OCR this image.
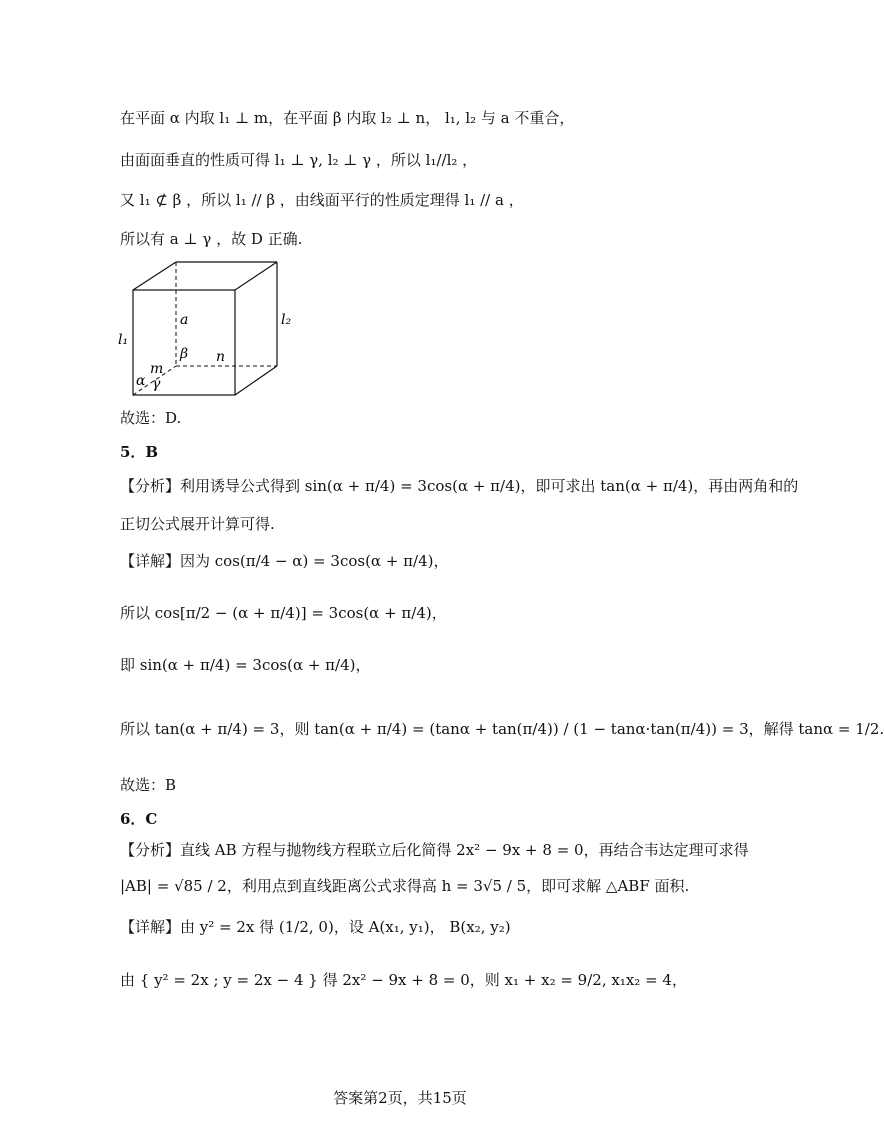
在平面 α 内取 l₁ ⊥ m，在平面 β 内取 l₂ ⊥ n， l₁, l₂ 与 a 不重合，
由面面垂直的性质可得 l₁ ⊥ γ, l₂ ⊥ γ ，所以 l₁//l₂ ，
又 l₁ ⊄ β ，所以 l₁ // β ，由线面平行的性质定理得 l₁ // a ，
所以有 a ⊥ γ ，故 D 正确.
a
l₁
l₂
β n
m
α γ
故选：D.
5．B
【分析】利用诱导公式得到 sin(α + π/4) = 3cos(α + π/4)，即可求出 tan(α + π/4)，再由两角和的
正切公式展开计算可得.
【详解】因为 cos(π/4 − α) = 3cos(α + π/4)，
所以 cos[π/2 − (α + π/4)] = 3cos(α + π/4)，
即 sin(α + π/4) = 3cos(α + π/4)，
所以 tan(α + π/4) = 3，则 tan(α + π/4) = (tanα + tan(π/4)) / (1 − tanα·tan(π/4)) = 3，解得 tanα = 1/2.
故选：B
6．C
【分析】直线 AB 方程与抛物线方程联立后化简得 2x² − 9x + 8 = 0，再结合韦达定理可求得
|AB| = √85 / 2，利用点到直线距离公式求得高 h = 3√5 / 5，即可求解 △ABF 面积.
【详解】由 y² = 2x 得 (1/2, 0)，设 A(x₁, y₁)， B(x₂, y₂)
由 { y² = 2x ; y = 2x − 4 } 得 2x² − 9x + 8 = 0，则 x₁ + x₂ = 9/2, x₁x₂ = 4，
答案第2页，共15页
